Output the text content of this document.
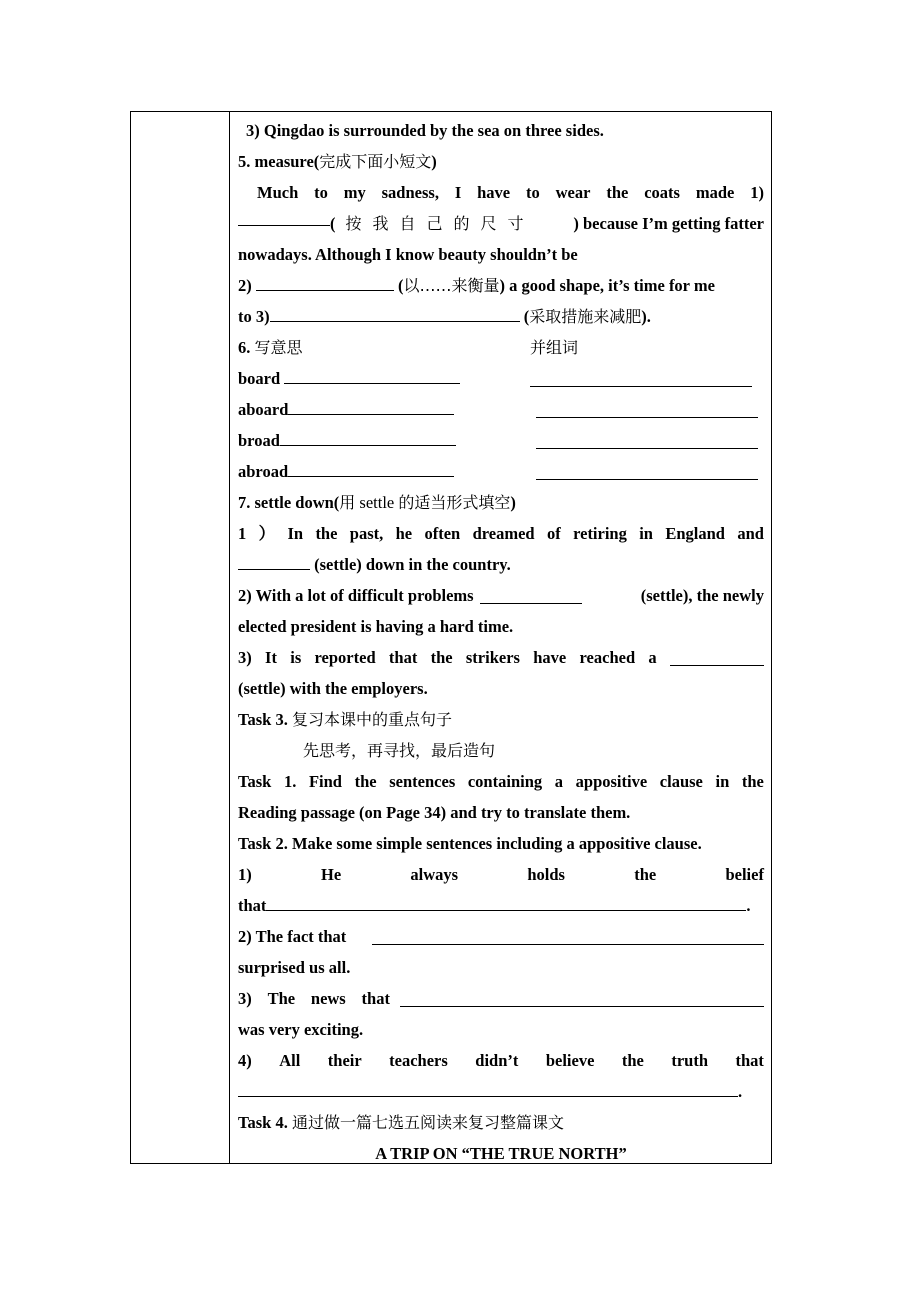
3) Qingdao is surrounded by the sea on three sides.
5. measure(完成下面小短文)
Much to my sadness, I have to wear the coats made 1)
( 按我自己的尺寸 ) because I’m getting fatter
nowadays. Although I know beauty shouldn’t be
2)	(以……来衡量) a good shape, it’s time for me
to 3)	(采取措施来减肥).
6. 写意思	并组词
board
aboard
broad
abroad
7. settle down(用 settle 的适当形式填空)
1 ） In the past, he often dreamed of retiring in England and
(settle) down in the country.
2) With a lot of difficult problems	(settle), the newly
elected president is having a hard time.
3) It is reported that the strikers have reached a
(settle) with the employers.
Task 3. 复习本课中的重点句子
先思考，再寻找，最后造句
Task 1. Find the sentences containing a appositive clause in the
Reading passage (on Page 34) and try to translate them.
Task 2. Make some simple sentences including a appositive clause.
1)	He	always	holds	the	belief
that	.
2) The fact that
surprised us all.
3) The news that
was very exciting.
4) All their teachers didn’t believe the truth that
.
Task 4. 通过做一篇七选五阅读来复习整篇课文
A TRIP ON “THE TRUE NORTH”
